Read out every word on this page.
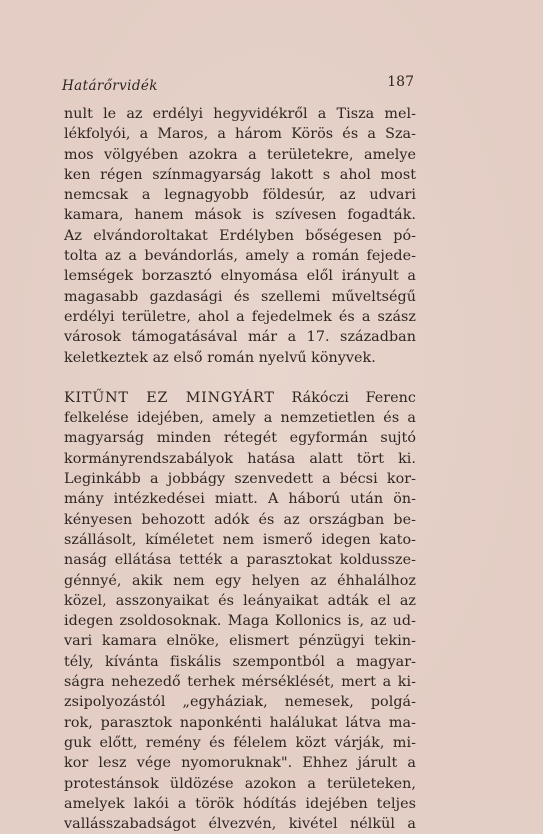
Határőrvidék	187

nult le az erdélyi hegyvidékről a Tisza mel-
lékfolyói, a Maros, a három Körös és a Sza-
mos völgyében azokra a területekre, amelye
ken régen színmagyarság lakott s ahol most
nemcsak a legnagyobb földesúr, az udvari
kamara, hanem mások is szívesen fogadták.
Az elvándoroltakat Erdélyben bőségesen pó-
tolta az a bevándorlás, amely a román fejede-
lemségek borzasztó elnyomása elől irányult a
magasabb gazdasági és szellemi műveltségű
erdélyi területre, ahol a fejedelmek és a szász
városok támogatásával már a 17. században
keletkeztek az első román nyelvű könyvek.

KITŰNT EZ MINGYÁRT Rákóczi Ferenc
felkelése idejében, amely a nemzetietlen és a
magyarság minden rétegét egyformán sujtó
kormányrendszabályok hatása alatt tört ki.
Leginkább a jobbágy szenvedett a bécsi kor-
mány intézkedései miatt. A háború után ön-
kényesen behozott adók és az országban be-
szállásolt, kíméletet nem ismerő idegen kato-
naság ellátása tették a parasztokat koldussze-
génnyé, akik nem egy helyen az éhhalálhoz
közel, asszonyaikat és leányaikat adták el az
idegen zsoldosoknak. Maga Kollonics is, az ud-
vari kamara elnöke, elismert pénzügyi tekin-
tély, kívánta fiskális szempontból a magyar-
ságra nehezedő terhek mérséklését, mert a ki-
zsipolyozástól „egyháziak, nemesek, polgá-
rok, parasztok naponkénti halálukat látva ma-
guk előtt, remény és félelem közt várják, mi-
kor lesz vége nyomoruknak". Ehhez járult a
protestánsok üldözése azokon a területeken,
amelyek lakói a török hódítás idejében teljes
vallásszabadságot élvezvén, kivétel nélkül a
